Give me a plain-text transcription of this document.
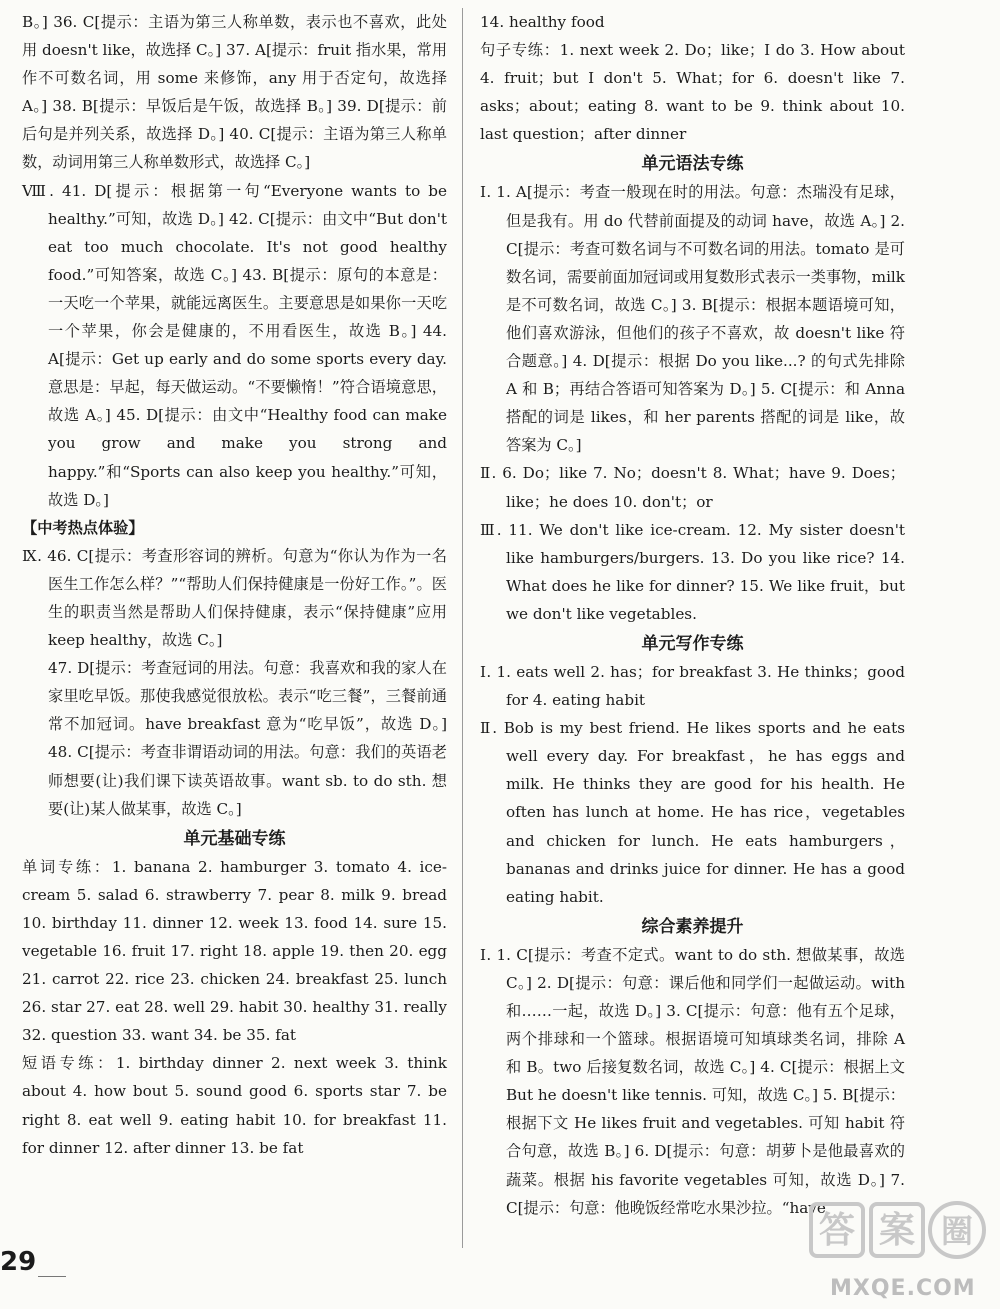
B。] 36. C[提示：主语为第三人称单数，表示也不喜欢，此处用 doesn't like，故选择 C。] 37. A[提示：fruit 指水果，常用作不可数名词，用 some 来修饰，any 用于否定句，故选择 A。] 38. B[提示：早饭后是午饭，故选择 B。] 39. D[提示：前后句是并列关系，故选择 D。] 40. C[提示：主语为第三人称单数，动词用第三人称单数形式，故选择 C。]

Ⅷ. 41. D[提示：根据第一句“Everyone wants to be healthy.”可知，故选 D。] 42. C[提示：由文中“But don't eat too much chocolate. It's not good healthy food.”可知答案，故选 C。] 43. B[提示：原句的本意是：一天吃一个苹果，就能远离医生。主要意思是如果你一天吃一个苹果，你会是健康的，不用看医生，故选 B。] 44. A[提示：Get up early and do some sports every day. 意思是：早起，每天做运动。“不要懒惰！”符合语境意思，故选 A。] 45. D[提示：由文中“Healthy food can make you grow and make you strong and happy.”和“Sports can also keep you healthy.”可知，故选 D。]

【中考热点体验】

Ⅸ. 46. C[提示：考查形容词的辨析。句意为“你认为作为一名医生工作怎么样？”“帮助人们保持健康是一份好工作。”。医生的职责当然是帮助人们保持健康，表示“保持健康”应用 keep healthy，故选 C。]

47. D[提示：考查冠词的用法。句意：我喜欢和我的家人在家里吃早饭。那使我感觉很放松。表示“吃三餐”，三餐前通常不加冠词。have breakfast 意为“吃早饭”，故选 D。] 48. C[提示：考查非谓语动词的用法。句意：我们的英语老师想要(让)我们课下读英语故事。want sb. to do sth. 想要(让)某人做某事，故选 C。]

单元基础专练

单词专练：1. banana 2. hamburger 3. tomato 4. ice-cream 5. salad 6. strawberry 7. pear 8. milk 9. bread 10. birthday 11. dinner 12. week 13. food 14. sure 15. vegetable 16. fruit 17. right 18. apple 19. then 20. egg 21. carrot 22. rice 23. chicken 24. breakfast 25. lunch 26. star 27. eat 28. well 29. habit 30. healthy 31. really 32. question 33. want 34. be 35. fat

短语专练：1. birthday dinner 2. next week 3. think about 4. how bout 5. sound good 6. sports star 7. be right 8. eat well 9. eating habit 10. for breakfast 11. for dinner 12. after dinner 13. be fat

14. healthy food

句子专练：1. next week 2. Do；like；I do 3. How about 4. fruit；but I don't 5. What；for 6. doesn't like 7. asks；about；eating 8. want to be 9. think about 10. last question；after dinner

单元语法专练

Ⅰ. 1. A[提示：考查一般现在时的用法。句意：杰瑞没有足球，但是我有。用 do 代替前面提及的动词 have，故选 A。] 2. C[提示：考查可数名词与不可数名词的用法。tomato 是可数名词，需要前面加冠词或用复数形式表示一类事物，milk 是不可数名词，故选 C。] 3. B[提示：根据本题语境可知，他们喜欢游泳，但他们的孩子不喜欢，故 doesn't like 符合题意。] 4. D[提示：根据 Do you like...? 的句式先排除 A 和 B；再结合答语可知答案为 D。] 5. C[提示：和 Anna 搭配的词是 likes，和 her parents 搭配的词是 like，故答案为 C。]

Ⅱ. 6. Do；like 7. No；doesn't 8. What；have 9. Does；like；he does 10. don't；or

Ⅲ. 11. We don't like ice-cream. 12. My sister doesn't like hamburgers/burgers. 13. Do you like rice? 14. What does he like for dinner? 15. We like fruit，but we don't like vegetables.

单元写作专练

Ⅰ. 1. eats well 2. has；for breakfast 3. He thinks；good for 4. eating habit

Ⅱ. Bob is my best friend. He likes sports and he eats well every day. For breakfast，he has eggs and milk. He thinks they are good for his health. He often has lunch at home. He has rice，vegetables and chicken for lunch. He eats hamburgers，bananas and drinks juice for dinner. He has a good eating habit.

综合素养提升

Ⅰ. 1. C[提示：考查不定式。want to do sth. 想做某事，故选 C。] 2. D[提示：句意：课后他和同学们一起做运动。with 和……一起，故选 D。] 3. C[提示：句意：他有五个足球，两个排球和一个篮球。根据语境可知填球类名词，排除 A 和 B。two 后接复数名词，故选 C。] 4. C[提示：根据上文 But he doesn't like tennis. 可知，故选 C。] 5. B[提示：根据下文 He likes fruit and vegetables. 可知 habit 符合句意，故选 B。] 6. D[提示：句意：胡萝卜是他最喜欢的蔬菜。根据 his favorite vegetables 可知，故选 D。] 7. C[提示：句意：他晚饭经常吃水果沙拉。“have

29
答 案 圈
MXQE.COM
